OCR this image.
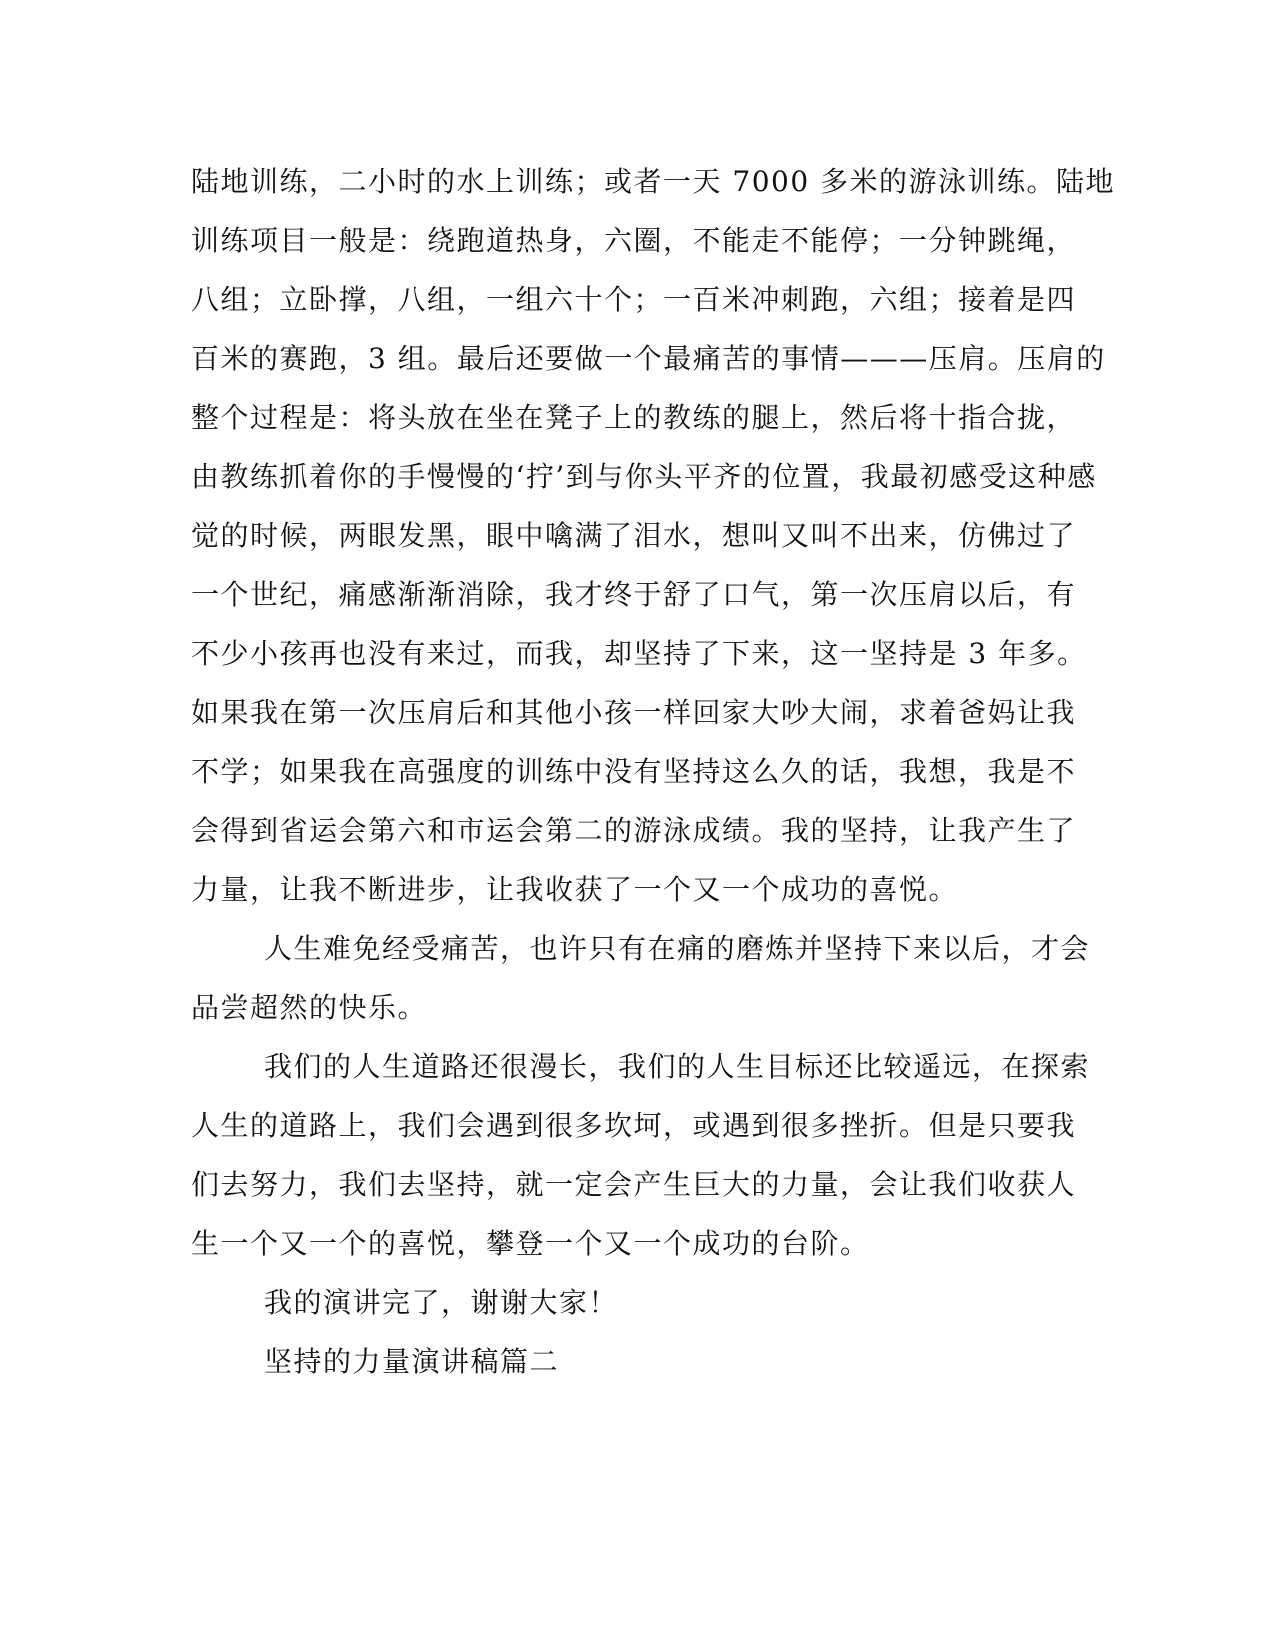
陆地训练，二小时的水上训练；或者一天 7000 多米的游泳训练。陆地
训练项目一般是：绕跑道热身，六圈，不能走不能停；一分钟跳绳，
八组；立卧撑，八组，一组六十个；一百米冲刺跑，六组；接着是四
百米的赛跑，3 组。最后还要做一个最痛苦的事情———压肩。压肩的
整个过程是：将头放在坐在凳子上的教练的腿上，然后将十指合拢，
由教练抓着你的手慢慢的‘拧’到与你头平齐的位置，我最初感受这种感
觉的时候，两眼发黑，眼中噙满了泪水，想叫又叫不出来，仿佛过了
一个世纪，痛感渐渐消除，我才终于舒了口气，第一次压肩以后，有
不少小孩再也没有来过，而我，却坚持了下来，这一坚持是 3 年多。
如果我在第一次压肩后和其他小孩一样回家大吵大闹，求着爸妈让我
不学；如果我在高强度的训练中没有坚持这么久的话，我想，我是不
会得到省运会第六和市运会第二的游泳成绩。我的坚持，让我产生了
力量，让我不断进步，让我收获了一个又一个成功的喜悦。
人生难免经受痛苦，也许只有在痛的磨炼并坚持下来以后，才会
品尝超然的快乐。
我们的人生道路还很漫长，我们的人生目标还比较遥远，在探索
人生的道路上，我们会遇到很多坎坷，或遇到很多挫折。但是只要我
们去努力，我们去坚持，就一定会产生巨大的力量，会让我们收获人
生一个又一个的喜悦，攀登一个又一个成功的台阶。
我的演讲完了，谢谢大家！
坚持的力量演讲稿篇二
